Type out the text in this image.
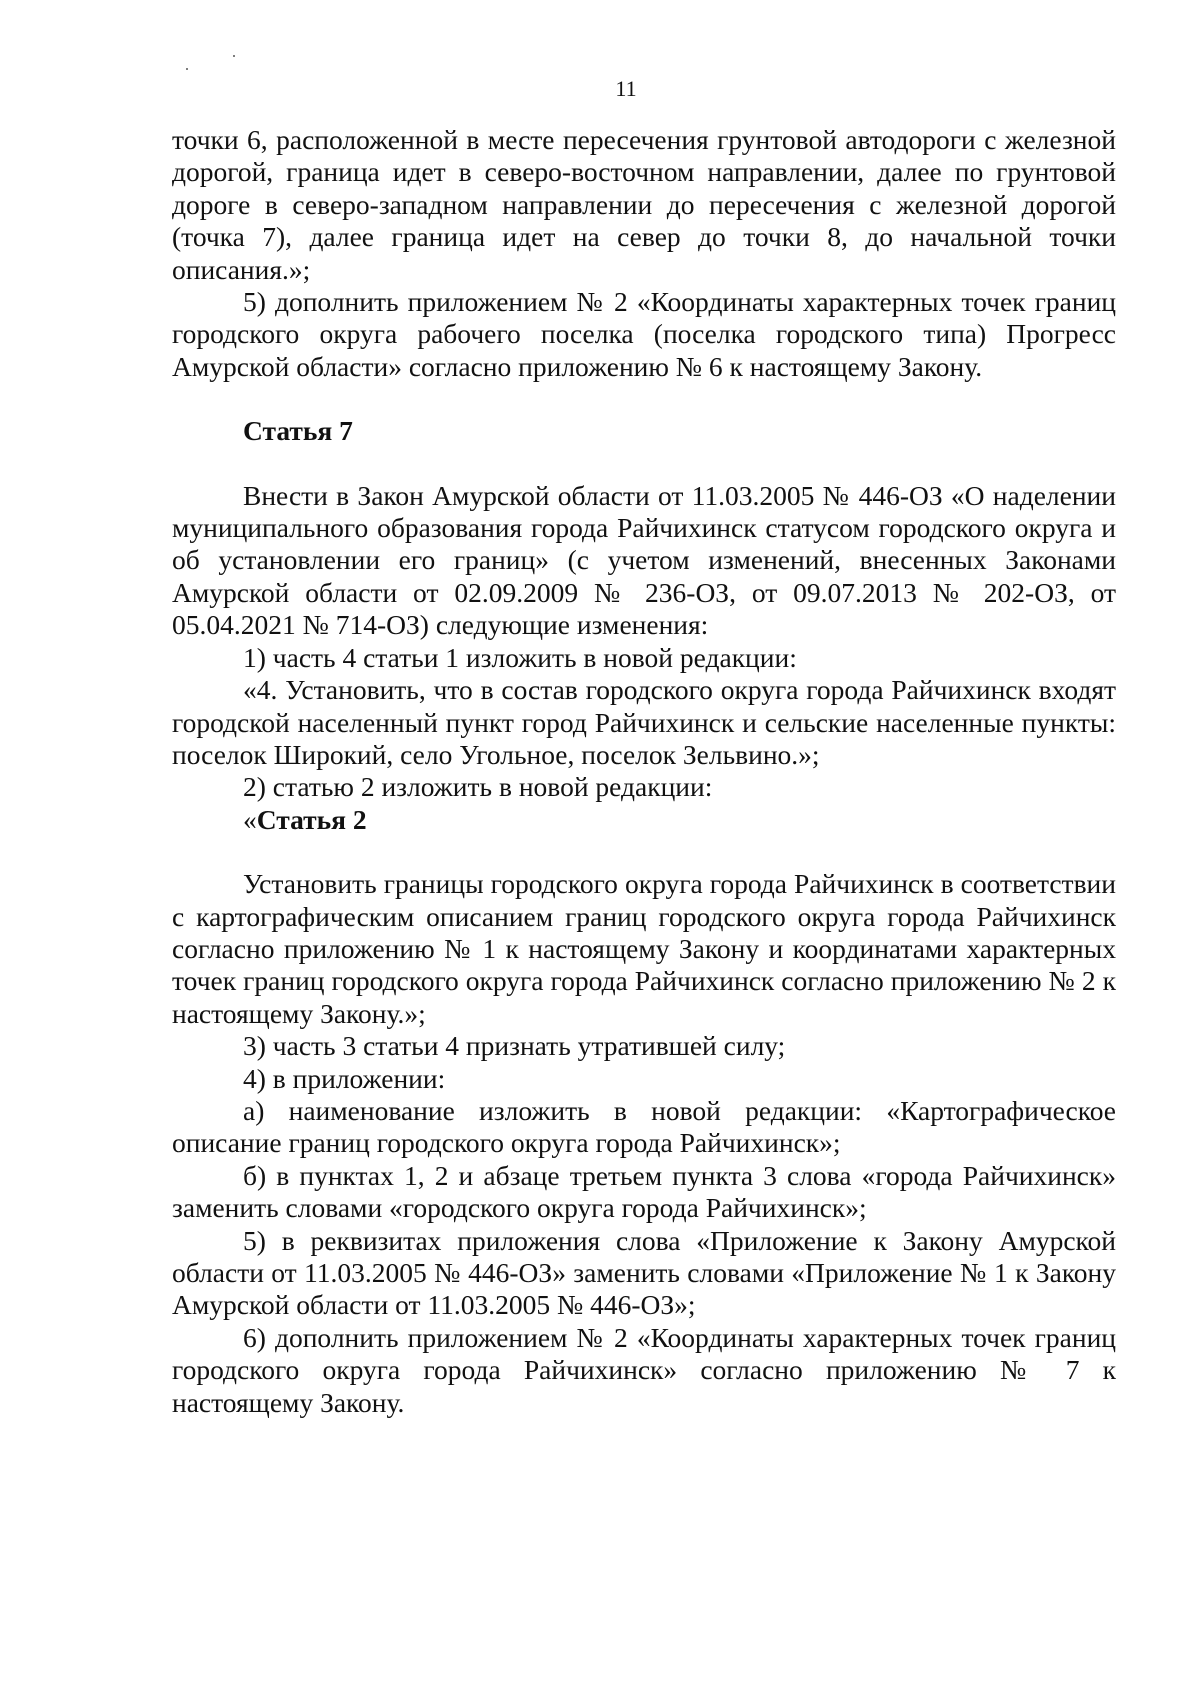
11

точки 6, расположенной в месте пересечения грунтовой автодороги с железной дорогой, граница идет в северо-восточном направлении, далее по грунтовой дороге в северо-западном направлении до пересечения с железной дорогой (точка 7), далее граница идет на север до точки 8, до начальной точки описания.»;

5) дополнить приложением № 2 «Координаты характерных точек границ городского округа рабочего поселка (поселка городского типа) Прогресс Амурской области» согласно приложению № 6 к настоящему Закону.

Статья 7

Внести в Закон Амурской области от 11.03.2005 № 446-ОЗ «О наделении муниципального образования города Райчихинск статусом городского округа и об установлении его границ» (с учетом изменений, внесенных Законами Амурской области от 02.09.2009 № 236-ОЗ, от 09.07.2013 № 202-ОЗ, от 05.04.2021 № 714-ОЗ) следующие изменения:

1) часть 4 статьи 1 изложить в новой редакции:

«4. Установить, что в состав городского округа города Райчихинск входят городской населенный пункт город Райчихинск и сельские населенные пункты: поселок Широкий, село Угольное, поселок Зельвино.»;

2) статью 2 изложить в новой редакции:

«Статья 2

Установить границы городского округа города Райчихинск в соответствии с картографическим описанием границ городского округа города Райчихинск согласно приложению № 1 к настоящему Закону и координатами характерных точек границ городского округа города Райчихинск согласно приложению № 2 к настоящему Закону.»;

3) часть 3 статьи 4 признать утратившей силу;

4) в приложении:

а) наименование изложить в новой редакции: «Картографическое описание границ городского округа города Райчихинск»;

б) в пунктах 1, 2 и абзаце третьем пункта 3 слова «города Райчихинск» заменить словами «городского округа города Райчихинск»;

5) в реквизитах приложения слова «Приложение к Закону Амурской области от 11.03.2005 № 446-ОЗ» заменить словами «Приложение № 1 к Закону Амурской области от 11.03.2005 № 446-ОЗ»;

6) дополнить приложением № 2 «Координаты характерных точек границ городского округа города Райчихинск» согласно приложению № 7 к настоящему Закону.
